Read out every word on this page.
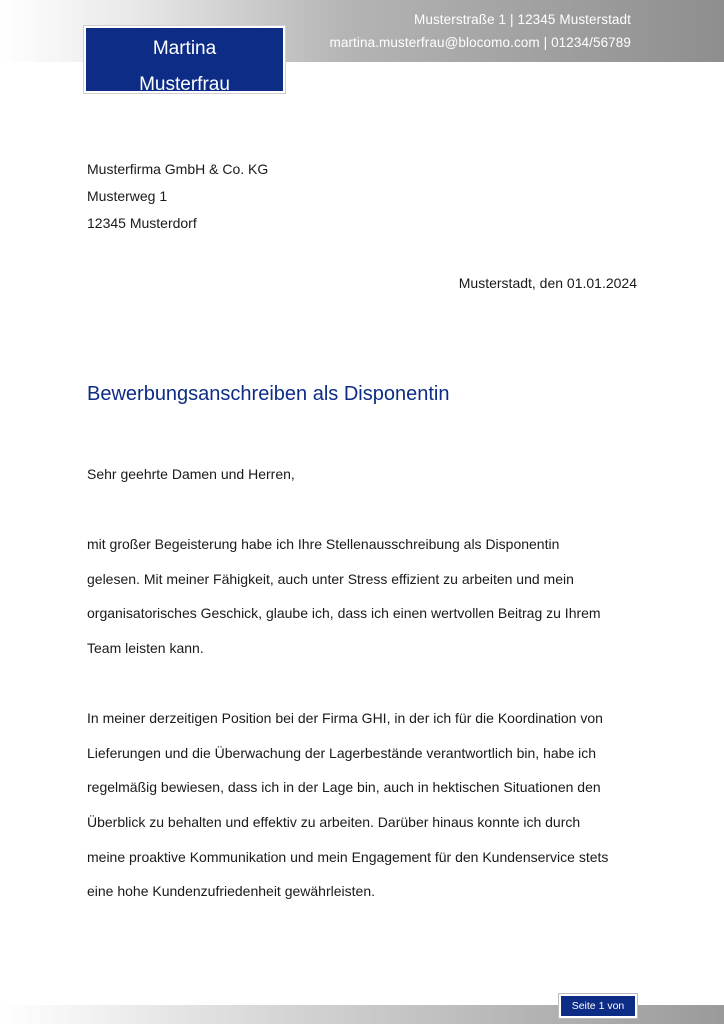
Musterstraße 1 | 12345 Musterstadt
martina.musterfrau@blocomo.com | 01234/56789
Martina
Musterfrau
Musterfirma GmbH & Co. KG
Musterweg 1
12345 Musterdorf
Musterstadt, den 01.01.2024
Bewerbungsanschreiben als Disponentin
Sehr geehrte Damen und Herren,
mit großer Begeisterung habe ich Ihre Stellenausschreibung als Disponentin
gelesen. Mit meiner Fähigkeit, auch unter Stress effizient zu arbeiten und mein
organisatorisches Geschick, glaube ich, dass ich einen wertvollen Beitrag zu Ihrem
Team leisten kann.
In meiner derzeitigen Position bei der Firma GHI, in der ich für die Koordination von
Lieferungen und die Überwachung der Lagerbestände verantwortlich bin, habe ich
regelmäßig bewiesen, dass ich in der Lage bin, auch in hektischen Situationen den
Überblick zu behalten und effektiv zu arbeiten. Darüber hinaus konnte ich durch
meine proaktive Kommunikation und mein Engagement für den Kundenservice stets
eine hohe Kundenzufriedenheit gewährleisten.
Seite 1 von
